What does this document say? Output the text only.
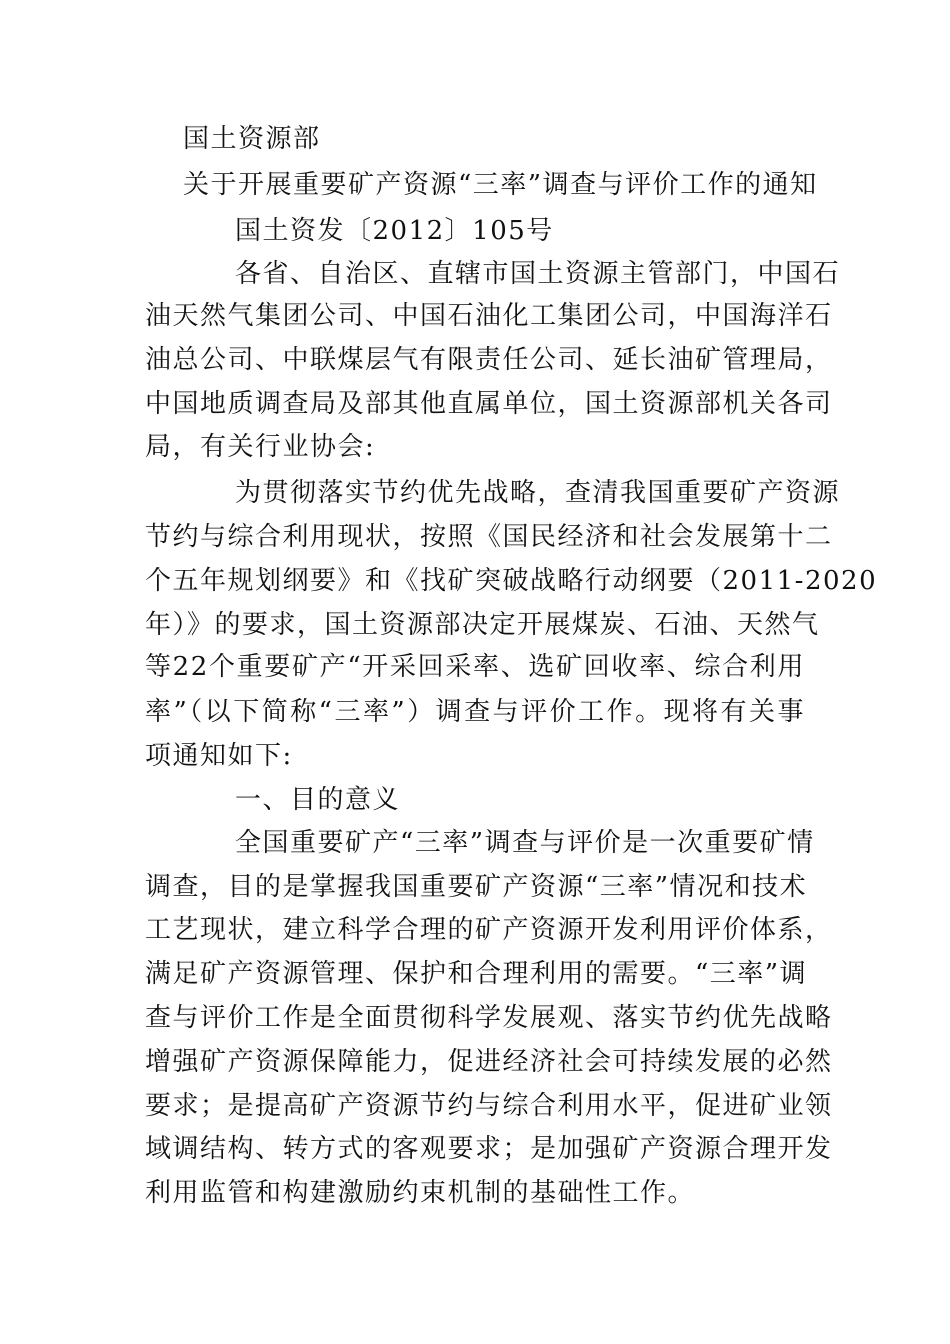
国土资源部
关于开展重要矿产资源“三率”调查与评价工作的通知
国土资发〔2012〕105号
各省、自治区、直辖市国土资源主管部门，中国石
油天然气集团公司、中国石油化工集团公司，中国海洋石
油总公司、中联煤层气有限责任公司、延长油矿管理局，
中国地质调查局及部其他直属单位，国土资源部机关各司
局，有关行业协会:
为贯彻落实节约优先战略，查清我国重要矿产资源
节约与综合利用现状，按照《国民经济和社会发展第十二
个五年规划纲要》和《找矿突破战略行动纲要（2011-2020
年）》的要求，国土资源部决定开展煤炭、石油、天然气
等22个重要矿产“开采回采率、选矿回收率、综合利用
率”（以下简称“三率”）调查与评价工作。现将有关事
项通知如下:
一、目的意义
全国重要矿产“三率”调查与评价是一次重要矿情
调查，目的是掌握我国重要矿产资源“三率”情况和技术
工艺现状，建立科学合理的矿产资源开发利用评价体系，
满足矿产资源管理、保护和合理利用的需要。“三率”调
查与评价工作是全面贯彻科学发展观、落实节约优先战略
增强矿产资源保障能力，促进经济社会可持续发展的必然
要求；是提高矿产资源节约与综合利用水平，促进矿业领
域调结构、转方式的客观要求；是加强矿产资源合理开发
利用监管和构建激励约束机制的基础性工作。
